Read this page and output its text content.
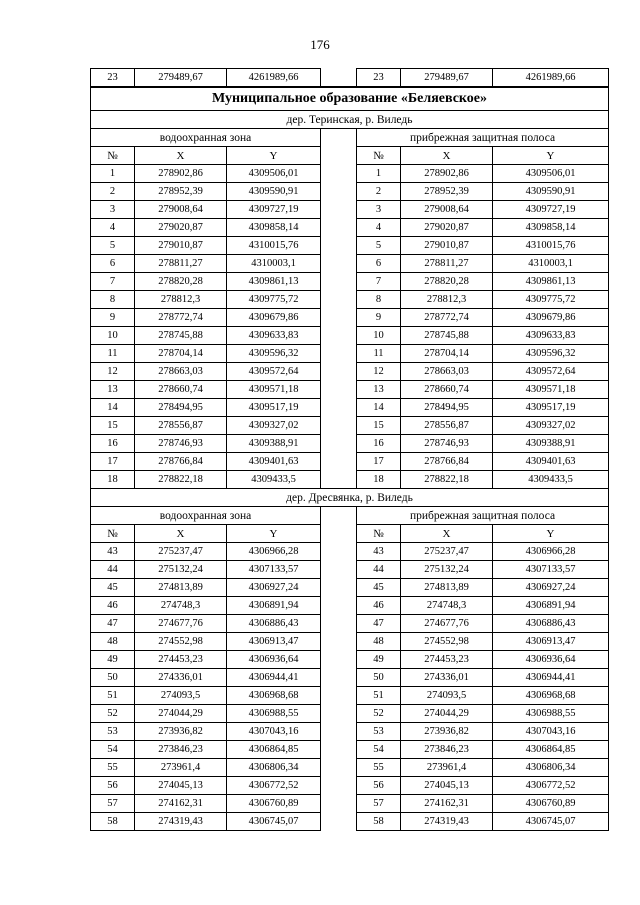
176
23	279489,67	4261989,66		23	279489,67	4261989,66
Муниципальное образование «Беляевское»						
дер. Теринская, р. Виледь						
водоохранная зона				прибрежная защитная полоса		
№	X	Y		№	X	Y
1	278902,86	4309506,01		1	278902,86	4309506,01
2	278952,39	4309590,91		2	278952,39	4309590,91
3	279008,64	4309727,19		3	279008,64	4309727,19
4	279020,87	4309858,14		4	279020,87	4309858,14
5	279010,87	4310015,76		5	279010,87	4310015,76
6	278811,27	4310003,1		6	278811,27	4310003,1
7	278820,28	4309861,13		7	278820,28	4309861,13
8	278812,3	4309775,72		8	278812,3	4309775,72
9	278772,74	4309679,86		9	278772,74	4309679,86
10	278745,88	4309633,83		10	278745,88	4309633,83
11	278704,14	4309596,32		11	278704,14	4309596,32
12	278663,03	4309572,64		12	278663,03	4309572,64
13	278660,74	4309571,18		13	278660,74	4309571,18
14	278494,95	4309517,19		14	278494,95	4309517,19
15	278556,87	4309327,02		15	278556,87	4309327,02
16	278746,93	4309388,91		16	278746,93	4309388,91
17	278766,84	4309401,63		17	278766,84	4309401,63
18	278822,18	4309433,5		18	278822,18	4309433,5
дер. Дресвянка, р. Виледь						
водоохранная зона				прибрежная защитная полоса		
№	X	Y		№	X	Y
43	275237,47	4306966,28		43	275237,47	4306966,28
44	275132,24	4307133,57		44	275132,24	4307133,57
45	274813,89	4306927,24		45	274813,89	4306927,24
46	274748,3	4306891,94		46	274748,3	4306891,94
47	274677,76	4306886,43		47	274677,76	4306886,43
48	274552,98	4306913,47		48	274552,98	4306913,47
49	274453,23	4306936,64		49	274453,23	4306936,64
50	274336,01	4306944,41		50	274336,01	4306944,41
51	274093,5	4306968,68		51	274093,5	4306968,68
52	274044,29	4306988,55		52	274044,29	4306988,55
53	273936,82	4307043,16		53	273936,82	4307043,16
54	273846,23	4306864,85		54	273846,23	4306864,85
55	273961,4	4306806,34		55	273961,4	4306806,34
56	274045,13	4306772,52		56	274045,13	4306772,52
57	274162,31	4306760,89		57	274162,31	4306760,89
58	274319,43	4306745,07		58	274319,43	4306745,07
